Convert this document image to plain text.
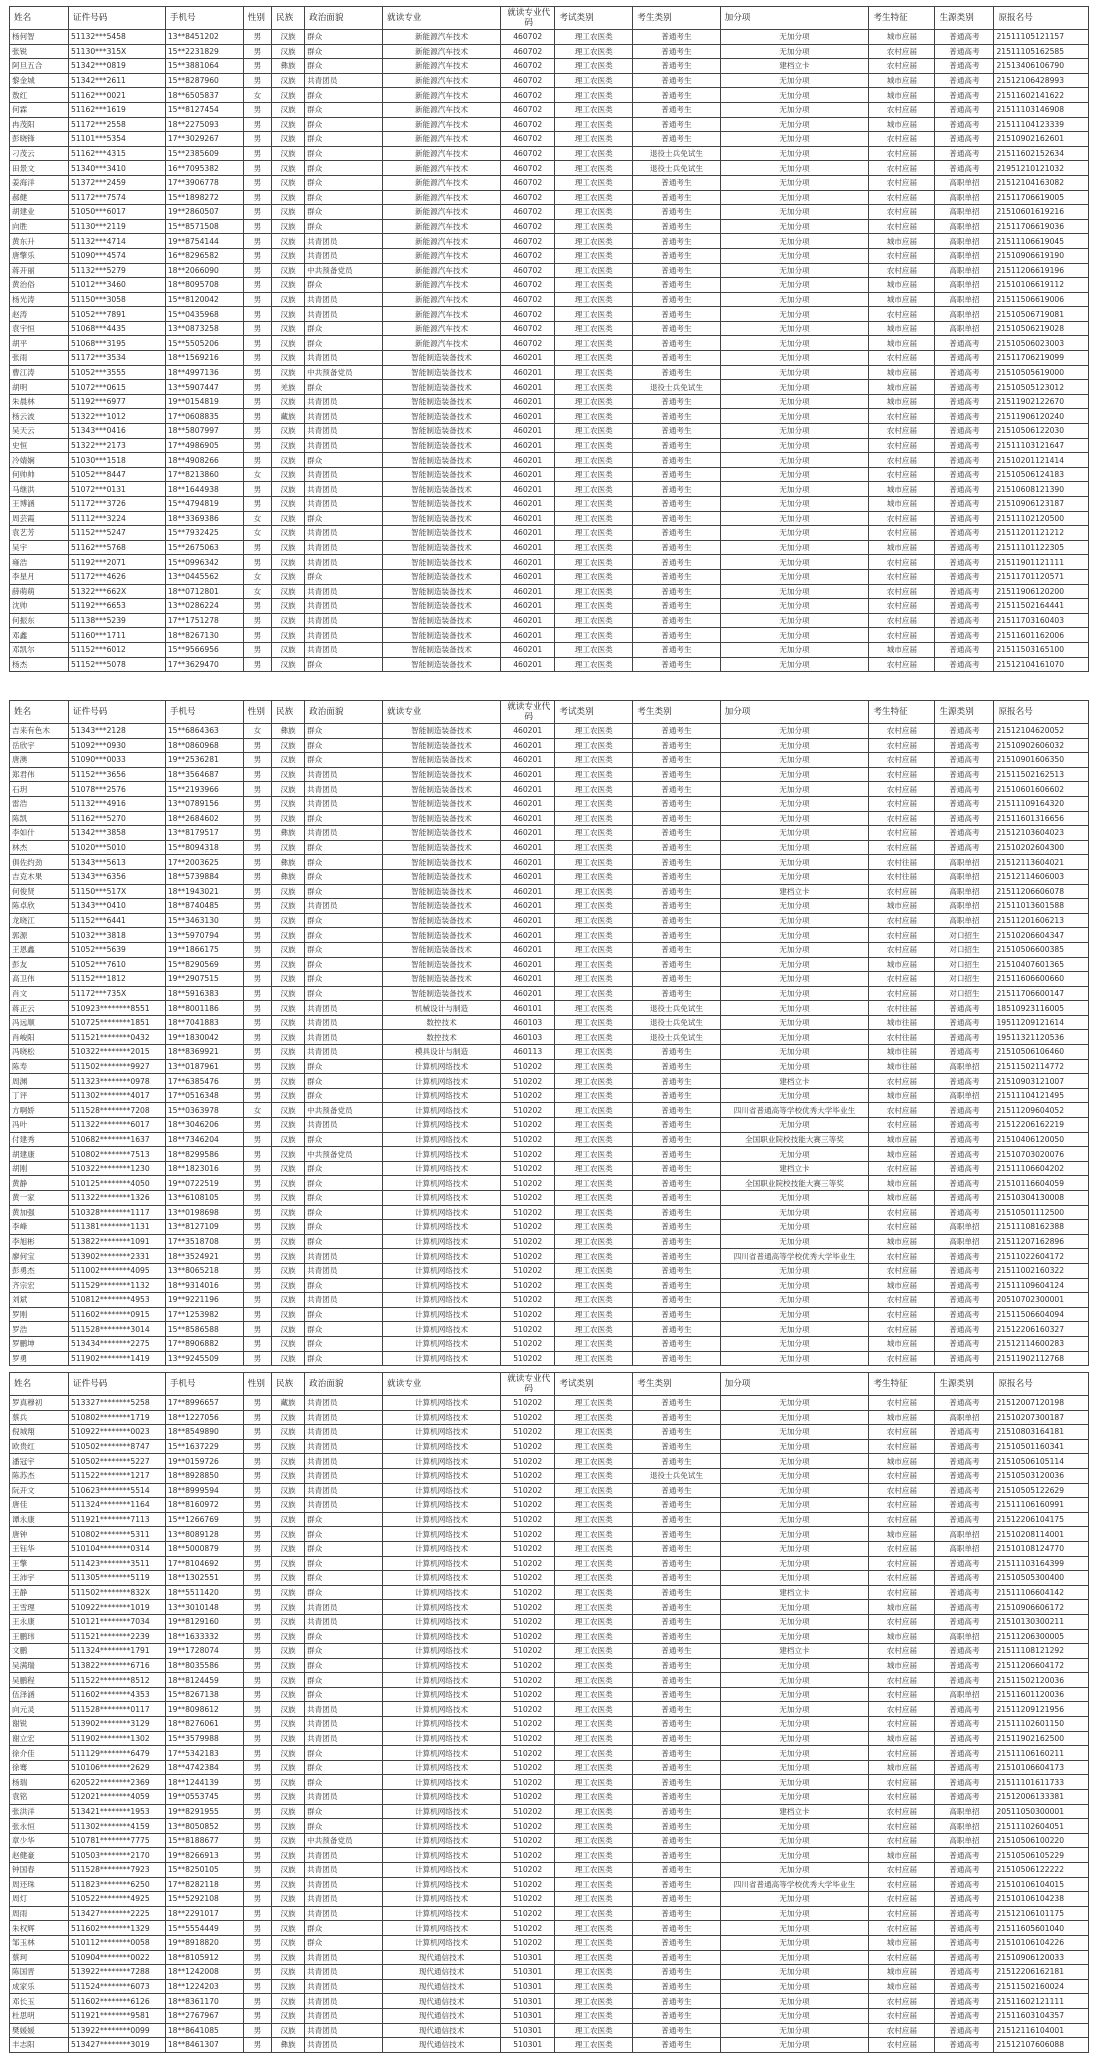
姓名	证件号码	手机号	性别	民族	政治面貌	就读专业	就读专业代码	考试类别	考生类别	加分项	考生特征	生源类别	原报名号
杨何智	51132***5458	13**8451202	男	汉族	群众	新能源汽车技术	460702	理工农医类	普通考生	无加分项	城市应届	普通高考	21511105121157
张锐	51130***315X	15**2231829	男	汉族	群众	新能源汽车技术	460702	理工农医类	普通考生	无加分项	农村应届	普通高考	21511105162585
阿旦五合	51342***0819	15**3881064	男	彝族	群众	新能源汽车技术	460702	理工农医类	普通考生	建档立卡	农村应届	普通高考	21513406106790
黎金城	51342***2611	15**8287960	男	汉族	共青团员	新能源汽车技术	460702	理工农医类	普通考生	无加分项	城市应届	普通高考	21512106428993
敖红	51162***0021	18**6505837	女	汉族	群众	新能源汽车技术	460702	理工农医类	普通考生	无加分项	城市应届	普通高考	21511602141622
何霖	51162***1619	15**8127454	男	汉族	群众	新能源汽车技术	460702	理工农医类	普通考生	无加分项	农村应届	普通高考	21511103146908
冉茂阳	51172***2558	18**2275093	男	汉族	群众	新能源汽车技术	460702	理工农医类	普通考生	无加分项	城市应届	普通高考	21511104123339
彭晓锋	51101***5354	17**3029267	男	汉族	群众	新能源汽车技术	460702	理工农医类	普通考生	无加分项	农村应届	普通高考	21510902162601
刁茂云	51162***4315	15**2385609	男	汉族	群众	新能源汽车技术	460702	理工农医类	退役士兵免试生	无加分项	农村应届	普通高考	21511602152634
田景文	51340***3410	16**7095382	男	汉族	群众	新能源汽车技术	460702	理工农医类	退役士兵免试生	无加分项	农村应届	普通高考	21951210121032
姜海洋	51372***2459	17**3906778	男	汉族	群众	新能源汽车技术	460702	理工农医类	普通考生	无加分项	农村应届	高职单招	21512104163082
郝健	51172***7574	15**1898272	男	汉族	群众	新能源汽车技术	460702	理工农医类	普通考生	无加分项	农村应届	高职单招	21511706619005
胡建业	51050***6017	19**2860507	男	汉族	群众	新能源汽车技术	460702	理工农医类	普通考生	无加分项	农村应届	高职单招	21510601619216
向胜	51130***2119	15**8571508	男	汉族	群众	新能源汽车技术	460702	理工农医类	普通考生	无加分项	农村应届	高职单招	21511706619036
黄东升	51132***4714	19**8754144	男	汉族	共青团员	新能源汽车技术	460702	理工农医类	普通考生	无加分项	城市应届	高职单招	21511106619045
唐擎乐	51090***4574	16**8296582	男	汉族	共青团员	新能源汽车技术	460702	理工农医类	普通考生	无加分项	农村应届	高职单招	21510906619190
蒋开丽	51132***5279	18**2066090	男	汉族	中共预备党员	新能源汽车技术	460702	理工农医类	普通考生	无加分项	农村应届	高职单招	21511206619196
黄治俗	51012***3460	18**8095708	男	汉族	群众	新能源汽车技术	460702	理工农医类	普通考生	无加分项	城市应届	高职单招	21510106619112
杨光涛	51150***3058	15**8120042	男	汉族	共青团员	新能源汽车技术	460702	理工农医类	普通考生	无加分项	城市应届	高职单招	21511506619006
赵涛	51052***7891	15**0435968	男	汉族	共青团员	新能源汽车技术	460702	理工农医类	普通考生	无加分项	农村应届	高职单招	21510506719081
袁宇恒	51068***4435	13**0873258	男	汉族	群众	新能源汽车技术	460702	理工农医类	普通考生	无加分项	城市应届	高职单招	21510506219028
胡平	51068***3195	15**5505206	男	汉族	群众	新能源汽车技术	460702	理工农医类	普通考生	无加分项	城市应届	普通高考	21510506023003
张雨	51172***3534	18**1569216	男	汉族	共青团员	智能制造装备技术	460201	理工农医类	普通考生	无加分项	农村应届	普通高考	21511706219099
曹江涛	51052***3555	18**4997136	男	汉族	中共预备党员	智能制造装备技术	460201	理工农医类	普通考生	无加分项	城市应届	普通高考	21510505619000
胡明	51072***0615	13**5907447	男	羌族	群众	智能制造装备技术	460201	理工农医类	退役士兵免试生	无加分项	城市应届	普通高考	21510505123012
朱晨林	51192***6977	19**0154819	男	汉族	共青团员	智能制造装备技术	460201	理工农医类	普通考生	无加分项	城市应届	普通高考	21511902122670
杨云波	51322***1012	17**0608835	男	藏族	共青团员	智能制造装备技术	460201	理工农医类	普通考生	无加分项	农村应届	普通高考	21511906120240
吴天云	51343***0416	18**5807997	男	汉族	共青团员	智能制造装备技术	460201	理工农医类	普通考生	无加分项	农村应届	普通高考	21510506122030
史恒	51322***2173	17**4986905	男	汉族	共青团员	智能制造装备技术	460201	理工农医类	普通考生	无加分项	农村应届	普通高考	21511103121647
冷婧娴	51030***1518	18**4908266	男	汉族	群众	智能制造装备技术	460201	理工农医类	普通考生	无加分项	农村应届	普通高考	21510201121414
何帅帅	51052***8447	17**8213860	女	汉族	共青团员	智能制造装备技术	460201	理工农医类	普通考生	无加分项	农村应届	普通高考	21510506124183
马继洪	51072***0131	18**1644938	男	汉族	共青团员	智能制造装备技术	460201	理工农医类	普通考生	无加分项	城市应届	普通高考	21510608121390
王博涵	51172***3726	15**4794819	男	汉族	共青团员	智能制造装备技术	460201	理工农医类	普通考生	无加分项	城市应届	普通高考	21510906123187
周芸霞	51112***3224	18**3369386	女	汉族	群众	智能制造装备技术	460201	理工农医类	普通考生	无加分项	农村应届	普通高考	21511102120500
袁艺芳	51152***5247	15**7932425	女	汉族	共青团员	智能制造装备技术	460201	理工农医类	普通考生	无加分项	农村应届	普通高考	21511201121212
吴宇	51162***5768	15**2675063	男	汉族	共青团员	智能制造装备技术	460201	理工农医类	普通考生	无加分项	城市应届	普通高考	21511101122305
雍浩	51192***2071	15**0996342	男	汉族	共青团员	智能制造装备技术	460201	理工农医类	普通考生	无加分项	农村应届	普通高考	21511901121111
李星月	51172***4626	13**0445562	女	汉族	群众	智能制造装备技术	460201	理工农医类	普通考生	无加分项	农村应届	普通高考	21511701120571
薛萌萌	51322***662X	18**0712801	女	汉族	共青团员	智能制造装备技术	460201	理工农医类	普通考生	无加分项	农村应届	普通高考	21511906120200
沈帅	51192***6653	13**0286224	男	汉族	共青团员	智能制造装备技术	460201	理工农医类	普通考生	无加分项	农村应届	普通高考	21511502164441
何振东	51138***5239	17**1751278	男	汉族	共青团员	智能制造装备技术	460201	理工农医类	普通考生	无加分项	农村应届	普通高考	21511703160403
邓鑫	51160***1711	18**8267130	男	汉族	共青团员	智能制造装备技术	460201	理工农医类	普通考生	无加分项	农村应届	普通高考	21511601162006
邓凯尔	51152***6012	15**9566956	男	汉族	共青团员	智能制造装备技术	460201	理工农医类	普通考生	无加分项	城市应届	普通高考	21511503165100
杨杰	51152***5078	17**3629470	男	汉族	群众	智能制造装备技术	460201	理工农医类	普通考生	无加分项	农村应届	普通高考	21512104161070
姓名	证件号码	手机号	性别	民族	政治面貌	就读专业	就读专业代码	考试类别	考生类别	加分项	考生特征	生源类别	原报名号
吉来有色木	51343***2128	15**6864363	女	彝族	群众	智能制造装备技术	460201	理工农医类	普通考生	无加分项	农村应届	普通高考	21512104620052
岳欣宇	51092***0930	18**0860968	男	汉族	群众	智能制造装备技术	460201	理工农医类	普通考生	无加分项	农村应届	普通高考	21510902606032
唐澳	51090***0033	19**2536281	男	汉族	群众	智能制造装备技术	460201	理工农医类	普通考生	无加分项	农村应届	普通高考	21510901606350
郑君伟	51152***3656	18**3564687	男	汉族	共青团员	智能制造装备技术	460201	理工农医类	普通考生	无加分项	农村应届	普通高考	21511502162513
石玥	51078***2576	15**2193966	男	汉族	共青团员	智能制造装备技术	460201	理工农医类	普通考生	无加分项	农村应届	普通高考	21510601606602
雷浩	51132***4916	13**0789156	男	汉族	共青团员	智能制造装备技术	460201	理工农医类	普通考生	无加分项	农村应届	普通高考	21511109164320
陈凯	51162***5270	18**2684602	男	汉族	群众	智能制造装备技术	460201	理工农医类	普通考生	无加分项	农村应届	普通高考	21511601316656
李如什	51342***3858	13**8179517	男	彝族	共青团员	智能制造装备技术	460201	理工农医类	普通考生	无加分项	农村应届	普通高考	21512103604023
林杰	51020***5010	15**8094318	男	汉族	群众	智能制造装备技术	460201	理工农医类	普通考生	无加分项	农村应届	普通高考	21510202604300
俱佐约劲	51343***5613	17**2003625	男	彝族	群众	智能制造装备技术	460201	理工农医类	普通考生	无加分项	农村往届	高职单招	21512113604021
吉克木果	51343***6356	18**5739884	男	彝族	群众	智能制造装备技术	460201	理工农医类	普通考生	无加分项	农村往届	高职单招	21512114606003
何俊贤	51150***517X	18**1943021	男	汉族	群众	智能制造装备技术	460201	理工农医类	普通考生	建档立卡	农村应届	高职单招	21511206606078
陈卓欣	51343***0410	18**8740485	男	汉族	共青团员	智能制造装备技术	460201	理工农医类	普通考生	无加分项	城市应届	高职单招	21511013601588
龙晓江	51152***6441	15**3463130	男	汉族	群众	智能制造装备技术	460201	理工农医类	普通考生	无加分项	农村应届	高职单招	21511201606213
郭源	51032***3818	13**5970794	男	汉族	群众	智能制造装备技术	460201	理工农医类	普通考生	无加分项	农村应届	对口招生	21510206604347
王恩鑫	51052***5639	19**1866175	男	汉族	群众	智能制造装备技术	460201	理工农医类	普通考生	无加分项	农村应届	对口招生	21510506600385
彭友	51052***7610	15**8290569	男	汉族	群众	智能制造装备技术	460201	理工农医类	普通考生	无加分项	城市应届	对口招生	21510407601365
高卫伟	51152***1812	19**2907515	男	汉族	群众	智能制造装备技术	460201	理工农医类	普通考生	无加分项	农村应届	对口招生	21511606600660
肖文	51172***735X	18**5916383	男	汉族	群众	智能制造装备技术	460201	理工农医类	普通考生	无加分项	农村应届	对口招生	21511706600147
蒋正云	510923********8551	18**8001186	男	汉族	共青团员	机械设计与制造	460101	理工农医类	退役士兵免试生	无加分项	农村往届	普通高考	18510923116005
冯远顺	510725********1851	18**7041883	男	汉族	共青团员	数控技术	460103	理工农医类	退役士兵免试生	无加分项	城市往届	普通高考	19511209121614
肖峻阳	511521********0432	19**1830042	男	汉族	共青团员	数控技术	460103	理工农医类	退役士兵免试生	无加分项	农村往届	普通高考	19511321120536
冯晓松	510322********2015	18**8369921	男	汉族	共青团员	模具设计与制造	460113	理工农医类	普通考生	无加分项	城市往届	普通高考	21510506106460
陈寿	511502********9927	13**0187961	男	汉族	群众	计算机网络技术	510202	理工农医类	普通考生	无加分项	城市往届	高职单招	21511502114772
周渊	511323********0978	17**6385476	男	汉族	群众	计算机网络技术	510202	理工农医类	普通考生	建档立卡	农村应届	普通高考	21510903121007
丁评	511302********4017	17**0516348	男	汉族	群众	计算机网络技术	510202	理工农医类	普通考生	无加分项	城市应届	高职单招	21511104121495
方啊娇	511528********7208	15**0363978	女	汉族	中共预备党员	计算机网络技术	510202	理工农医类	普通考生	四川省普通高等学校优秀大学毕业生	农村应届	普通高考	21511209604052
冯叶	511322********6017	18**3046206	男	汉族	共青团员	计算机网络技术	510202	理工农医类	普通考生	无加分项	农村应届	普通高考	21512206162219
付建秀	510682********1637	18**7346204	男	汉族	群众	计算机网络技术	510202	理工农医类	普通考生	全国职业院校技能大赛三等奖	城市应届	普通高考	21510406120050
胡建康	510802********7513	18**8299586	男	汉族	中共预备党员	计算机网络技术	510202	理工农医类	普通考生	无加分项	城市应届	普通高考	21510703020076
胡刚	510322********1230	18**1823016	男	汉族	群众	计算机网络技术	510202	理工农医类	普通考生	建档立卡	农村应届	普通高考	21511106604202
黄静	510125********4050	19**0722519	男	汉族	群众	计算机网络技术	510202	理工农医类	普通考生	全国职业院校技能大赛三等奖	城市应届	普通高考	21510116604059
黄一家	511322********1326	13**6108105	男	汉族	群众	计算机网络技术	510202	理工农医类	普通考生	无加分项	城市应届	普通高考	21510304130008
黄加强	510328********1117	13**0198698	男	汉族	群众	计算机网络技术	510202	理工农医类	普通考生	无加分项	农村应届	普通高考	21510501112500
李峰	511381********1131	13**8127109	男	汉族	群众	计算机网络技术	510202	理工农医类	普通考生	无加分项	农村应届	高职单招	21511108162388
李旭彬	513822********1091	17**3518708	男	汉族	群众	计算机网络技术	510202	理工农医类	普通考生	无加分项	城市应届	高职单招	21511207162896
廖何宝	513902********2331	18**3524921	男	汉族	共青团员	计算机网络技术	510202	理工农医类	普通考生	四川省普通高等学校优秀大学毕业生	农村应届	普通高考	21511022604172
彭勇杰	511002********4095	13**8065218	男	汉族	共青团员	计算机网络技术	510202	理工农医类	普通考生	无加分项	农村应届	普通高考	21511002160322
齐宗宏	511529********1132	18**9314016	男	汉族	群众	计算机网络技术	510202	理工农医类	普通考生	无加分项	城市应届	普通高考	21511109604124
刘斌	510812********4953	19**9221196	男	汉族	共青团员	计算机网络技术	510202	理工农医类	普通考生	无加分项	农村应届	普通高考	20510702300001
罗刚	511602********0915	17**1253982	男	汉族	群众	计算机网络技术	510202	理工农医类	普通考生	无加分项	农村应届	普通高考	21511506604094
罗浩	511528********3014	15**8586588	男	汉族	群众	计算机网络技术	510202	理工农医类	普通考生	无加分项	农村应届	普通高考	21512206160327
罗鹏坤	513434********2275	17**8906882	男	汉族	群众	计算机网络技术	510202	理工农医类	普通考生	无加分项	城市应届	普通高考	21512114600283
罗勇	511902********1419	13**9245509	男	汉族	群众	计算机网络技术	510202	理工农医类	普通考生	无加分项	农村应届	普通高考	21511902112768
姓名	证件号码	手机号	性别	民族	政治面貌	就读专业	就读专业代码	考试类别	考生类别	加分项	考生特征	生源类别	原报名号
罗真穆初	513327********5258	17**8996657	男	藏族	共青团员	计算机网络技术	510202	理工农医类	普通考生	无加分项	农村应届	普通高考	21512007120198
蔡兵	510802********1719	18**1227056	男	汉族	共青团员	计算机网络技术	510202	理工农医类	普通考生	无加分项	城市应届	高职单招	21510207300187
倪城翔	510922********0023	18**8549890	男	汉族	共青团员	计算机网络技术	510202	理工农医类	普通考生	无加分项	农村应届	普通高考	21510803164181
欧贵红	510502********8747	15**1637229	男	汉族	共青团员	计算机网络技术	510202	理工农医类	普通考生	无加分项	农村应届	普通高考	21510501160341
潘冠宇	510502********5227	19**0159726	男	汉族	共青团员	计算机网络技术	510202	理工农医类	普通考生	无加分项	城市应届	普通高考	21510506105114
陈苏杰	511522********1217	18**8928850	男	汉族	共青团员	计算机网络技术	510202	理工农医类	退役士兵免试生	无加分项	农村应届	普通高考	21510503120036
阮开文	510623********5514	18**8999594	男	汉族	共青团员	计算机网络技术	510202	理工农医类	普通考生	无加分项	农村应届	普通高考	21510505122629
唐佳	511324********1164	18**8160972	男	汉族	共青团员	计算机网络技术	510202	理工农医类	普通考生	无加分项	农村应届	普通高考	21511106160991
谭永康	511921********7113	15**1266769	男	汉族	群众	计算机网络技术	510202	理工农医类	普通考生	无加分项	农村应届	普通高考	21512206104175
唐钟	510802********5311	13**8089128	男	汉族	群众	计算机网络技术	510202	理工农医类	普通考生	无加分项	城市应届	高职单招	21510208114001
王钰华	510104********0314	18**5000879	男	汉族	群众	计算机网络技术	510202	理工农医类	普通考生	无加分项	农村应届	高职单招	21510108124770
王擎	511423********3511	17**8104692	男	汉族	群众	计算机网络技术	510202	理工农医类	普通考生	无加分项	农村应届	普通高考	21511103164399
王沛宇	511305********5119	18**1302551	男	汉族	群众	计算机网络技术	510202	理工农医类	普通考生	无加分项	农村应届	普通高考	21510505300400
王静	511502********832X	18**5511420	男	汉族	群众	计算机网络技术	510202	理工农医类	普通考生	建档立卡	农村应届	普通高考	21511106604142
王雪理	510922********1019	13**3010148	男	汉族	共青团员	计算机网络技术	510202	理工农医类	普通考生	无加分项	城市应届	普通高考	21510906606172
王永康	510121********7034	19**8129160	男	汉族	共青团员	计算机网络技术	510202	理工农医类	普通考生	无加分项	农村应届	普通高考	21510130300211
王鹏玮	511521********2239	18**1633332	男	汉族	群众	计算机网络技术	510202	理工农医类	普通考生	无加分项	城市应届	高职单招	21511206300005
文鹏	511324********1791	19**1728074	男	汉族	群众	计算机网络技术	510202	理工农医类	普通考生	建档立卡	农村应届	普通高考	21511108121292
吴满瑞	513822********6716	18**8035586	男	汉族	群众	计算机网络技术	510202	理工农医类	普通考生	无加分项	城市应届	普通高考	21511206604172
吴鹏程	511522********8512	18**8124459	男	汉族	群众	计算机网络技术	510202	理工农医类	普通考生	无加分项	农村应届	普通高考	21511502120036
伍泽涵	511602********4353	15**8267138	男	汉族	群众	计算机网络技术	510202	理工农医类	普通考生	无加分项	农村应届	高职单招	21511601120036
向元灵	511528********0117	19**8098612	男	汉族	共青团员	计算机网络技术	510202	理工农医类	普通考生	无加分项	农村应届	普通高考	21511209121956
谢锐	513902********3129	18**8276061	男	汉族	共青团员	计算机网络技术	510202	理工农医类	普通考生	无加分项	农村应届	普通高考	21511102601150
谢立宏	511902********1302	15**3579988	男	汉族	共青团员	计算机网络技术	510202	理工农医类	普通考生	无加分项	城市应届	普通高考	21511902162500
徐介佳	511129********6479	17**5342183	男	汉族	群众	计算机网络技术	510202	理工农医类	普通考生	无加分项	农村应届	普通高考	21511106160211
徐骞	510106********2629	18**4742384	男	汉族	群众	计算机网络技术	510202	理工农医类	普通考生	无加分项	城市应届	普通高考	21510106604173
杨瑞	620522********2369	18**1244139	男	汉族	群众	计算机网络技术	510202	理工农医类	普通考生	无加分项	农村应届	普通高考	21511101611733
袁铭	512021********4059	19**0553745	男	汉族	共青团员	计算机网络技术	510202	理工农医类	普通考生	无加分项	农村应届	普通高考	21512006133381
张洪洋	513421********1953	19**8291955	男	汉族	群众	计算机网络技术	510202	理工农医类	普通考生	建档立卡	农村应届	高职单招	20511050300001
张永恒	511302********4159	13**8050852	男	汉族	群众	计算机网络技术	510202	理工农医类	普通考生	无加分项	农村应届	高职单招	21511102604051
章少华	510781********7775	15**8188677	男	汉族	中共预备党员	计算机网络技术	510202	理工农医类	普通考生	无加分项	农村应届	高职单招	21510506100220
赵健豪	510503********2170	19**8266913	男	汉族	共青团员	计算机网络技术	510202	理工农医类	普通考生	无加分项	城市应届	普通高考	21510506105229
钟国春	511528********7923	15**8250105	男	汉族	共青团员	计算机网络技术	510202	理工农医类	普通考生	无加分项	农村应届	普通高考	21510506122222
周还珠	511823********6250	17**8282118	男	汉族	共青团员	计算机网络技术	510202	理工农医类	普通考生	四川省普通高等学校优秀大学毕业生	农村应届	普通高考	21510106104015
周灯	510522********4925	15**5292108	男	汉族	共青团员	计算机网络技术	510202	理工农医类	普通考生	无加分项	农村应届	普通高考	21510106104238
周雨	513427********2225	18**2291017	男	汉族	共青团员	计算机网络技术	510202	理工农医类	普通考生	无加分项	农村应届	普通高考	21512106101175
朱权辉	511602********1329	15**5554449	男	汉族	群众	计算机网络技术	510202	理工农医类	普通考生	无加分项	农村应届	普通高考	21511605601040
邹玉林	510112********0058	19**8918820	男	汉族	群众	计算机网络技术	510202	理工农医类	普通考生	无加分项	城市应届	普通高考	21510106104226
蔡珂	510904********0022	18**8105912	男	汉族	共青团员	现代通信技术	510301	理工农医类	普通考生	无加分项	农村应届	普通高考	21510906120033
陈国晋	513922********7288	18**1242008	男	汉族	共青团员	现代通信技术	510301	理工农医类	普通考生	无加分项	城市应届	普通高考	21512206162181
成家乐	511524********6073	18**1224203	男	汉族	共青团员	现代通信技术	510301	理工农医类	普通考生	无加分项	城市应届	普通高考	21511502160024
邓长玉	511602********6126	18**8361170	男	汉族	共青团员	现代通信技术	510301	理工农医类	普通考生	无加分项	农村应届	普通高考	21511602121111
杜思明	511921********9581	18**2767967	男	汉族	共青团员	现代通信技术	510301	理工农医类	普通考生	无加分项	农村应届	普通高考	21511603104357
樊媛媛	513922********0099	18**8641085	男	汉族	共青团员	现代通信技术	510301	理工农医类	普通考生	无加分项	农村应届	普通高考	21512116104001
丰志阳	513427********3019	18**8461307	男	彝族	共青团员	现代通信技术	510301	理工农医类	普通考生	无加分项	农村应届	普通高考	21512107606088
